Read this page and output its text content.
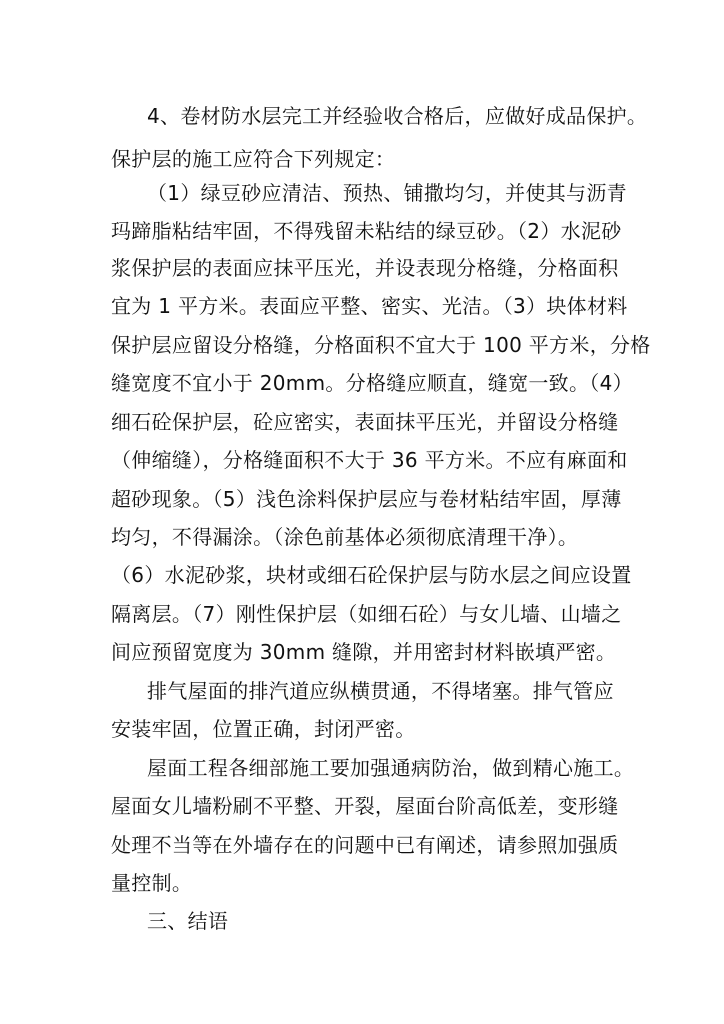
4、卷材防水层完工并经验收合格后，应做好成品保护。
保护层的施工应符合下列规定：
（1）绿豆砂应清洁、预热、铺撒均匀，并使其与沥青
玛蹄脂粘结牢固，不得残留未粘结的绿豆砂。（2）水泥砂
浆保护层的表面应抹平压光，并设表现分格缝，分格面积
宜为 1 平方米。表面应平整、密实、光洁。（3）块体材料
保护层应留设分格缝，分格面积不宜大于 100 平方米，分格
缝宽度不宜小于 20mm。分格缝应顺直，缝宽一致。（4）
细石砼保护层，砼应密实，表面抹平压光，并留设分格缝
（伸缩缝），分格缝面积不大于 36 平方米。不应有麻面和
超砂现象。（5）浅色涂料保护层应与卷材粘结牢固，厚薄
均匀，不得漏涂。（涂色前基体必须彻底清理干净）。
（6）水泥砂浆，块材或细石砼保护层与防水层之间应设置
隔离层。（7）刚性保护层（如细石砼）与女儿墙、山墙之
间应预留宽度为 30mm 缝隙，并用密封材料嵌填严密。
排气屋面的排汽道应纵横贯通，不得堵塞。排气管应
安装牢固，位置正确，封闭严密。
屋面工程各细部施工要加强通病防治，做到精心施工。
屋面女儿墙粉刷不平整、开裂，屋面台阶高低差，变形缝
处理不当等在外墙存在的问题中已有阐述，请参照加强质
量控制。
三、结语
